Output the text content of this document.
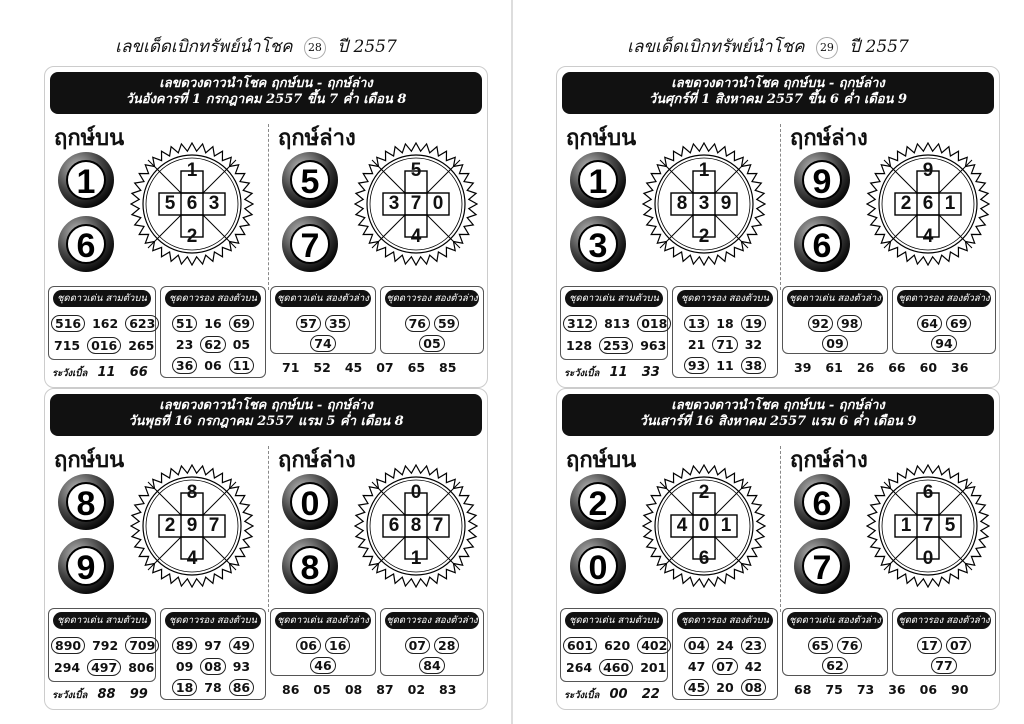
เลขเด็ดเบิกทรัพย์นำโชค 28 ปี 2557
เลขดวงดาวนำโชค ฤกษ์บน - ฤกษ์ล่าง
วันอังคารที่ 1 กรกฎาคม 2557 ขึ้น 7 ค่ำ เดือน 8
ฤกษ์บน	ฤกษ์ล่าง
1
6
1
5 6 3
2
5
7
5
3 7 0
4
ชุดดาวเด่น สามตัวบน
516 162 623
715 016 265
ชุดดาวรอง สองตัวบน
51 16 69
23 62 05
36 06 11
ชุดดาวเด่น สองตัวล่าง
57 35
74
ชุดดาวรอง สองตัวล่าง
76 59
05
71 52 45 07 65 85
ระวังเบิ้ล 11 66
เลขดวงดาวนำโชค ฤกษ์บน - ฤกษ์ล่าง
วันพุธที่ 16 กรกฎาคม 2557 แรม 5 ค่ำ เดือน 8
ฤกษ์บน	ฤกษ์ล่าง
8
9
8
2 9 7
4
0
8
0
6 8 7
1
ชุดดาวเด่น สามตัวบน
890 792 709
294 497 806
ชุดดาวรอง สองตัวบน
89 97 49
09 08 93
18 78 86
ชุดดาวเด่น สองตัวล่าง
06 16
46
ชุดดาวรอง สองตัวล่าง
07 28
84
86 05 08 87 02 83
ระวังเบิ้ล 88 99
เลขเด็ดเบิกทรัพย์นำโชค 29 ปี 2557
เลขดวงดาวนำโชค ฤกษ์บน - ฤกษ์ล่าง
วันศุกร์ที่ 1 สิงหาคม 2557 ขึ้น 6 ค่ำ เดือน 9
ฤกษ์บน	ฤกษ์ล่าง
1
3
1
8 3 9
2
9
6
9
2 6 1
4
ชุดดาวเด่น สามตัวบน
312 813 018
128 253 963
ชุดดาวรอง สองตัวบน
13 18 19
21 71 32
93 11 38
ชุดดาวเด่น สองตัวล่าง
92 98
09
ชุดดาวรอง สองตัวล่าง
64 69
94
39 61 26 66 60 36
ระวังเบิ้ล 11 33
เลขดวงดาวนำโชค ฤกษ์บน - ฤกษ์ล่าง
วันเสาร์ที่ 16 สิงหาคม 2557 แรม 6 ค่ำ เดือน 9
ฤกษ์บน	ฤกษ์ล่าง
2
0
2
4 0 1
6
6
7
6
1 7 5
0
ชุดดาวเด่น สามตัวบน
601 620 402
264 460 201
ชุดดาวรอง สองตัวบน
04 24 23
47 07 42
45 20 08
ชุดดาวเด่น สองตัวล่าง
65 76
62
ชุดดาวรอง สองตัวล่าง
17 07
77
68 75 73 36 06 90
ระวังเบิ้ล 00 22
